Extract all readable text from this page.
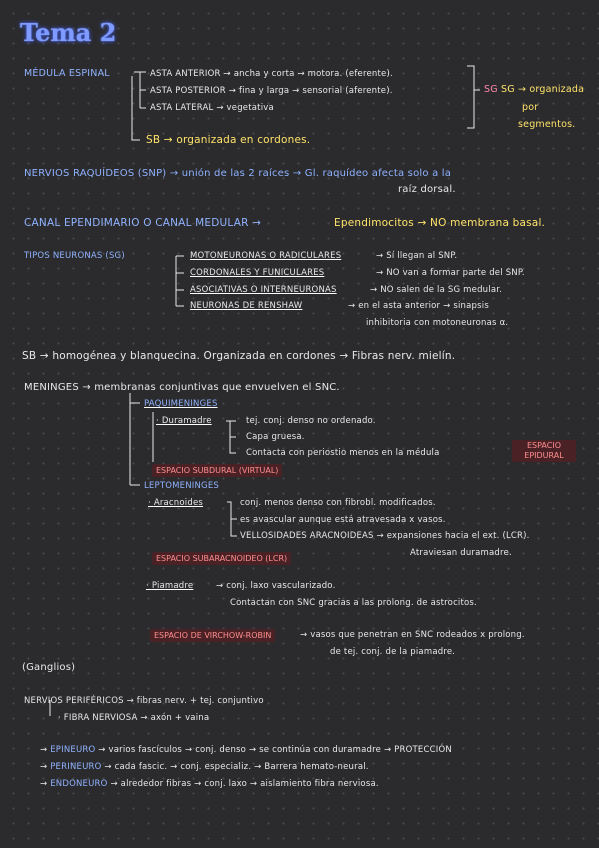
Tema 2
MÉDULA ESPINAL	ASTA ANTERIOR → ancha y corta → motora. (eferente).
ASTA POSTERIOR → fina y larga → sensorial (aferente).
ASTA LATERAL → vegetativa
SG SG → organizada
por
segmentos.
SB → organizada en cordones.
NERVIOS RAQUÍDEOS (SNP) → unión de las 2 raíces → Gl. raquídeo afecta solo a la
raíz dorsal.
CANAL EPENDIMARIO O CANAL MEDULAR →	Ependimocitos → NO membrana basal.
TIPOS NEURONAS (SG)	MOTONEURONAS O RADICULARES	→ Sí llegan al SNP.
CORDONALES Y FUNICULARES	→ NO van a formar parte del SNP.
ASOCIATIVAS O INTERNEURONAS	→ NO salen de la SG medular.
NEURONAS DE RENSHAW	→ en el asta anterior → sinapsis
inhibitoria con motoneuronas α.
SB → homogénea y blanquecina. Organizada en cordones → Fibras nerv. mielín.
MENINGES → membranas conjuntivas que envuelven el SNC.
PAQUIMENINGES
· Duramadre	tej. conj. denso no ordenado.
Capa gruesa.
Contacta con periostio menos en la médula
ESPACIO EPIDURAL
ESPACIO SUBDURAL (VIRTUAL)
LEPTOMENINGES
· Aracnoides	conj. menos denso con fibrobl. modificados.
es avascular aunque está atravesada x vasos.
VELLOSIDADES ARACNOIDEAS → expansiones hacia el ext. (LCR).
Atraviesan duramadre.
ESPACIO SUBARACNOIDEO (LCR)
· Piamadre	→ conj. laxo vascularizado.
Contactan con SNC gracias a las prolong. de astrocitos.
ESPACIO DE VIRCHOW-ROBIN	→ vasos que penetran en SNC rodeados x prolong.
de tej. conj. de la piamadre.
(Ganglios)
NERVIOS PERIFÉRICOS → fibras nerv. + tej. conjuntivo
· FIBRA NERVIOSA → axón + vaina
→ EPINEURO → varios fascículos → conj. denso → se continúa con duramadre → PROTECCIÓN
→ PERINEURO → cada fascic. → conj. especializ. → Barrera hemato-neural.
→ ENDONEURO → alrededor fibras → conj. laxo → aislamiento fibra nerviosa.
